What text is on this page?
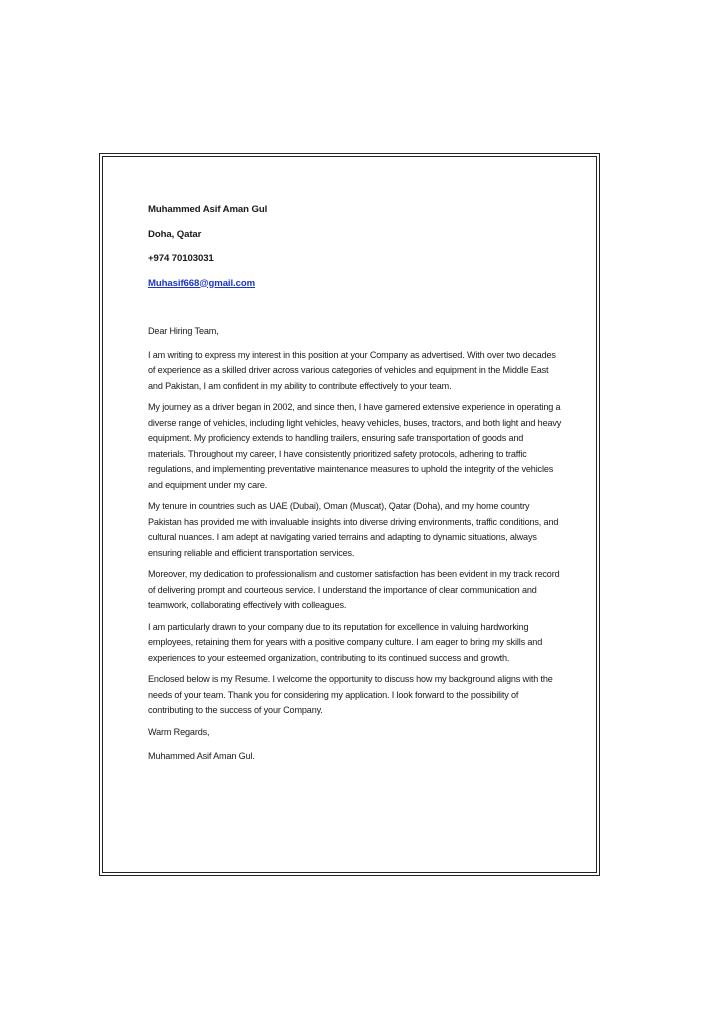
Muhammed Asif Aman Gul
Doha, Qatar
+974 70103031
Muhasif668@gmail.com
Dear Hiring Team,
I am writing to express my interest in this position at your Company as advertised. With over two decades of experience as a skilled driver across various categories of vehicles and equipment in the Middle East and Pakistan, I am confident in my ability to contribute effectively to your team.
My journey as a driver began in 2002, and since then, I have garnered extensive experience in operating a diverse range of vehicles, including light vehicles, heavy vehicles, buses, tractors, and both light and heavy equipment. My proficiency extends to handling trailers, ensuring safe transportation of goods and materials. Throughout my career, I have consistently prioritized safety protocols, adhering to traffic regulations, and implementing preventative maintenance measures to uphold the integrity of the vehicles and equipment under my care.
My tenure in countries such as UAE (Dubai), Oman (Muscat), Qatar (Doha), and my home country Pakistan has provided me with invaluable insights into diverse driving environments, traffic conditions, and cultural nuances. I am adept at navigating varied terrains and adapting to dynamic situations, always ensuring reliable and efficient transportation services.
Moreover, my dedication to professionalism and customer satisfaction has been evident in my track record of delivering prompt and courteous service. I understand the importance of clear communication and teamwork, collaborating effectively with colleagues.
I am particularly drawn to your company due to its reputation for excellence in valuing hardworking employees, retaining them for years with a positive company culture. I am eager to bring my skills and experiences to your esteemed organization, contributing to its continued success and growth.
Enclosed below is my Resume. I welcome the opportunity to discuss how my background aligns with the needs of your team. Thank you for considering my application. I look forward to the possibility of contributing to the success of your Company.
Warm Regards,
Muhammed Asif Aman Gul.
